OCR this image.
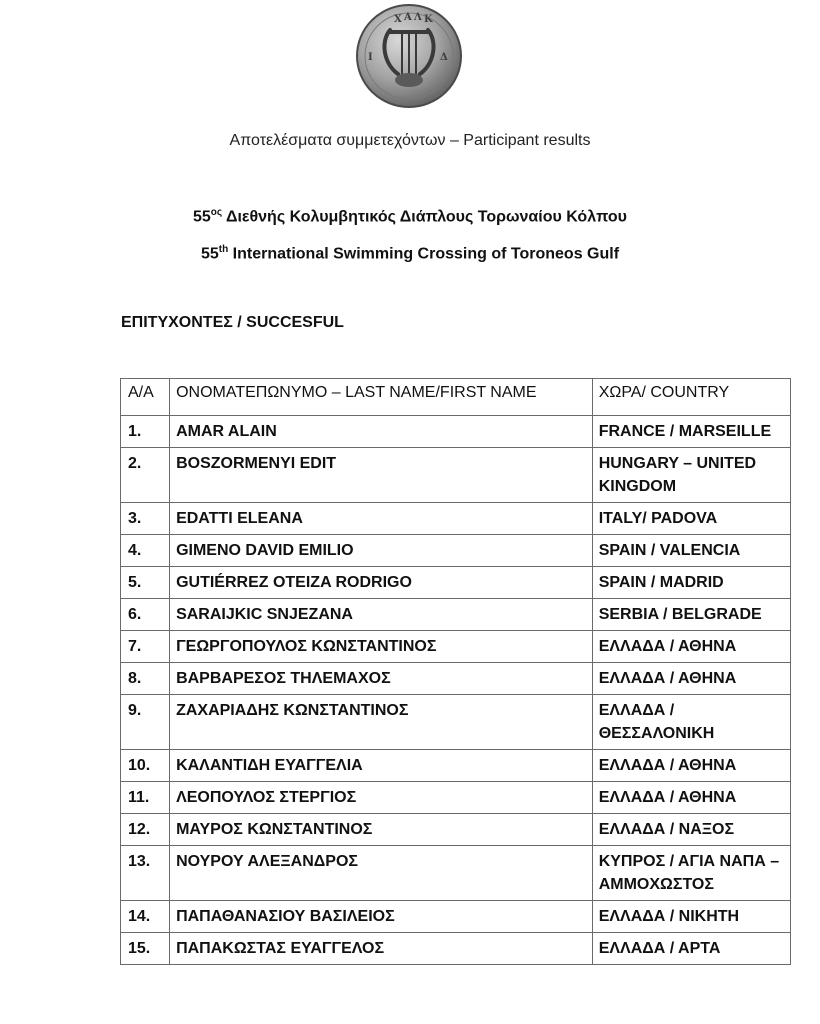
Χ Α Λ Κ
Ι	Δ
Αποτελέσματα συμμετεχόντων – Participant results
$55^{o\varsigma}$ Διεθνής Κολυμβητικός Διάπλους Τορωναίου Κόλπου
55th International Swimming Crossing of Toroneos Gulf
ΕΠΙΤΥΧΟΝΤΕΣ / SUCCESFUL
Α/Α	ΟΝΟΜΑΤΕΠΩΝΥΜΟ – LAST NAME/FIRST NAME	ΧΩΡΑ/ COUNTRY
1.	AMAR ALAIN	FRANCE / MARSEILLE
2.	BOSZORMENYI EDIT	HUNGARY – UNITED KINGDOM
3.	EDATTI ELEANA	ITALY/ PADOVA
4.	GIMENO DAVID EMILIO	SPAIN / VALENCIA
5.	GUTIÉRREZ OTEIZA RODRIGO	SPAIN / MADRID
6.	SARAIJKIC SNJEZANA	SERBIA / BELGRADE
7.	ΓΕΩΡΓΟΠΟΥΛΟΣ ΚΩΝΣΤΑΝΤΙΝΟΣ	ΕΛΛΑΔΑ / ΑΘΗΝΑ
8.	ΒΑΡΒΑΡΕΣΟΣ ΤΗΛΕΜΑΧΟΣ	ΕΛΛΑΔΑ / ΑΘΗΝΑ
9.	ΖΑΧΑΡΙΑΔΗΣ ΚΩΝΣΤΑΝΤΙΝΟΣ	ΕΛΛΑΔΑ / ΘΕΣΣΑΛΟΝΙΚΗ
10.	ΚΑΛΑΝΤΙΔΗ ΕΥΑΓΓΕΛΙΑ	ΕΛΛΑΔΑ / ΑΘΗΝΑ
11.	ΛΕΟΠΟΥΛΟΣ ΣΤΕΡΓΙΟΣ	ΕΛΛΑΔΑ / ΑΘΗΝΑ
12.	ΜΑΥΡΟΣ ΚΩΝΣΤΑΝΤΙΝΟΣ	ΕΛΛΑΔΑ / ΝΑΞΟΣ
13.	ΝΟΥΡΟΥ ΑΛΕΞΑΝΔΡΟΣ	ΚΥΠΡΟΣ / ΑΓΙΑ ΝΑΠΑ – ΑΜΜΟΧΩΣΤΟΣ
14.	ΠΑΠΑΘΑΝΑΣΙΟΥ ΒΑΣΙΛΕΙΟΣ	ΕΛΛΑΔΑ / ΝΙΚΗΤΗ
15.	ΠΑΠΑΚΩΣΤΑΣ ΕΥΑΓΓΕΛΟΣ	ΕΛΛΑΔΑ / ΑΡΤΑ
